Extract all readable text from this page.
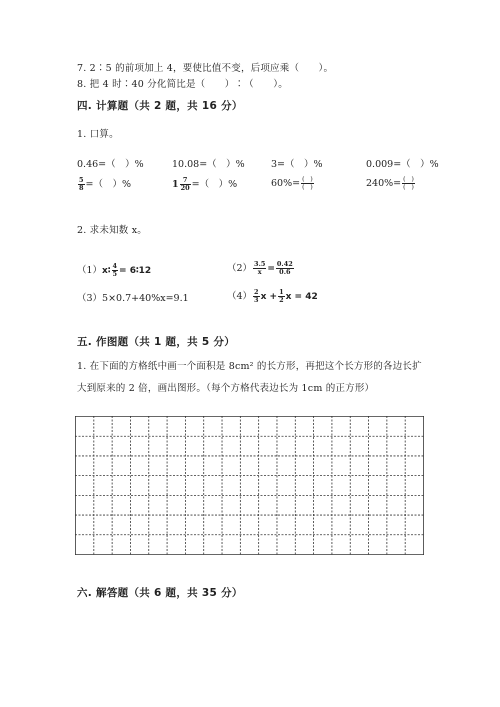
7. 2∶5 的前项加上 4，要使比值不变，后项应乘（　　）。
8. 把 4 时∶40 分化简比是（　　）∶（　　）。
四. 计算题（共 2 题，共 16 分）
1. 口算。
0.46=（　）%	10.08=（　）%	3=（　）%	0.009=（　）%
$\frac{5}{8}$ =（　）%	$1 \frac{7}{20}$ =（　）%	$60\%= \frac{( )}{( )}$	$240\%= \frac{( )}{( )}$
2. 求未知数 x。
（1）x∶ $\frac{4}{5}$ = 6∶12	$(2) \frac{3.5}{x} = \frac{0.42}{0.6}$
（3）5×0.7+40%x=9.1	$(4) \frac{2}{3}$ $x + \frac{1}{2}$ x = 42
五. 作图题（共 1 题，共 5 分）
1. 在下面的方格纸中画一个面积是 8cm² 的长方形，再把这个长方形的各边长扩
大到原来的 2 倍，画出图形。（每个方格代表边长为 1cm 的正方形）
六. 解答题（共 6 题，共 35 分）
